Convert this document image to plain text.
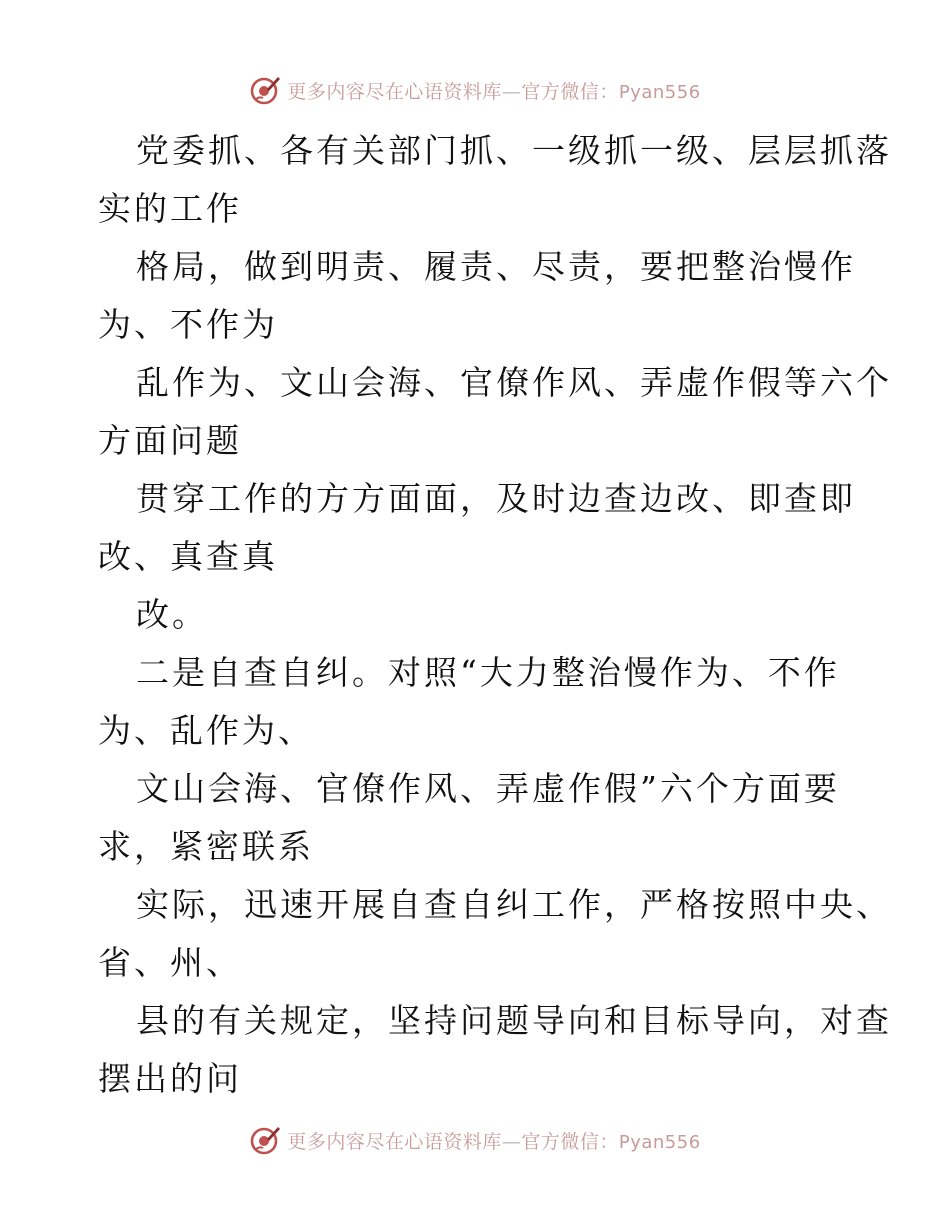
更多内容尽在心语资料库—官方微信：Pyan556
党委抓、各有关部门抓、一级抓一级、层层抓落
实的工作
格局，做到明责、履责、尽责，要把整治慢作
为、不作为
乱作为、文山会海、官僚作风、弄虚作假等六个
方面问题
贯穿工作的方方面面，及时边查边改、即查即
改、真查真
改。
二是自查自纠。对照“大力整治慢作为、不作
为、乱作为、
文山会海、官僚作风、弄虚作假”六个方面要
求，紧密联系
实际，迅速开展自查自纠工作，严格按照中央、
省、州、
县的有关规定，坚持问题导向和目标导向，对查
摆出的问
更多内容尽在心语资料库—官方微信：Pyan556
